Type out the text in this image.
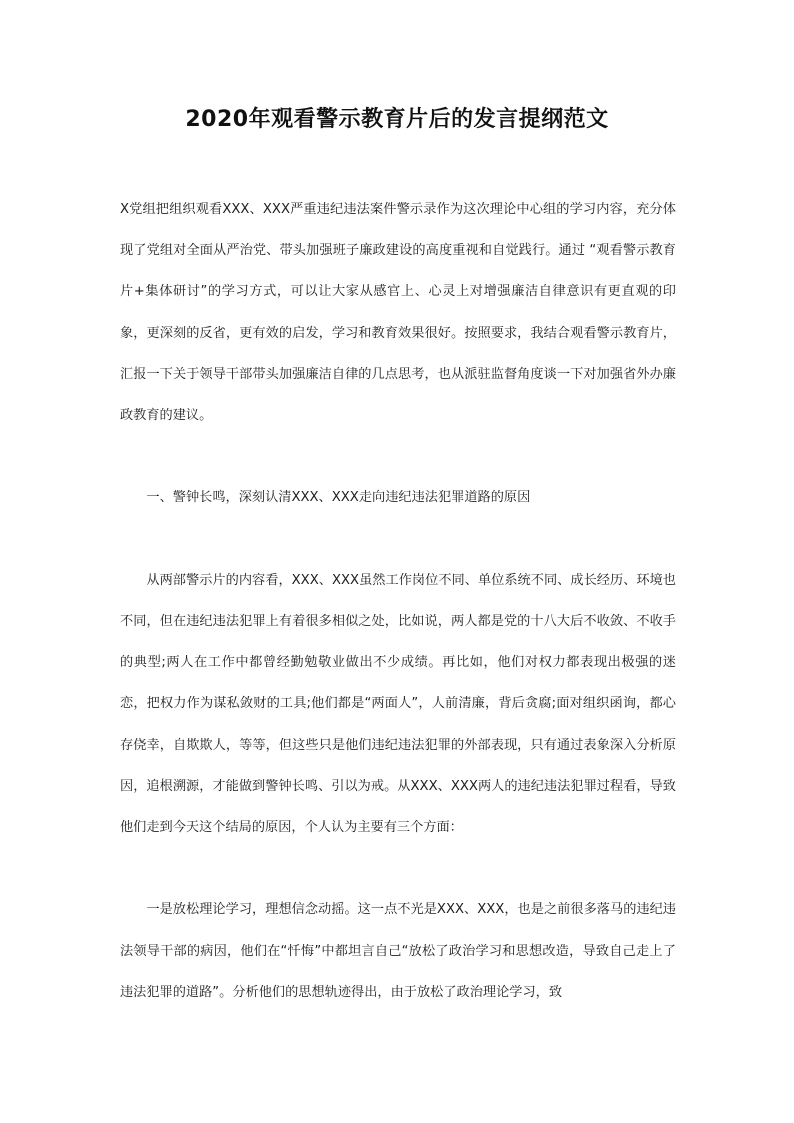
2020年观看警示教育片后的发言提纲范文

X党组把组织观看XXX、XXX严重违纪违法案件警示录作为这次理论中心组的学习内容，充分体现了党组对全面从严治党、带头加强班子廉政建设的高度重视和自觉践行。通过 “观看警示教育片+集体研讨”的学习方式，可以让大家从感官上、心灵上对增强廉洁自律意识有更直观的印象，更深刻的反省，更有效的启发，学习和教育效果很好。按照要求，我结合观看警示教育片，汇报一下关于领导干部带头加强廉洁自律的几点思考，也从派驻监督角度谈一下对加强省外办廉政教育的建议。

一、警钟长鸣，深刻认清XXX、XXX走向违纪违法犯罪道路的原因

从两部警示片的内容看，XXX、XXX虽然工作岗位不同、单位系统不同、成长经历、环境也不同，但在违纪违法犯罪上有着很多相似之处，比如说，两人都是党的十八大后不收敛、不收手的典型;两人在工作中都曾经勤勉敬业做出不少成绩。再比如，他们对权力都表现出极强的迷恋，把权力作为谋私敛财的工具;他们都是“两面人”，人前清廉，背后贪腐;面对组织函询，都心存侥幸，自欺欺人，等等，但这些只是他们违纪违法犯罪的外部表现，只有通过表象深入分析原因，追根溯源，才能做到警钟长鸣、引以为戒。从XXX、XXX两人的违纪违法犯罪过程看，导致他们走到今天这个结局的原因，个人认为主要有三个方面：

一是放松理论学习，理想信念动摇。这一点不光是XXX、XXX，也是之前很多落马的违纪违法领导干部的病因，他们在“忏悔”中都坦言自己“放松了政治学习和思想改造，导致自己走上了违法犯罪的道路”。分析他们的思想轨迹得出，由于放松了政治理论学习，致
